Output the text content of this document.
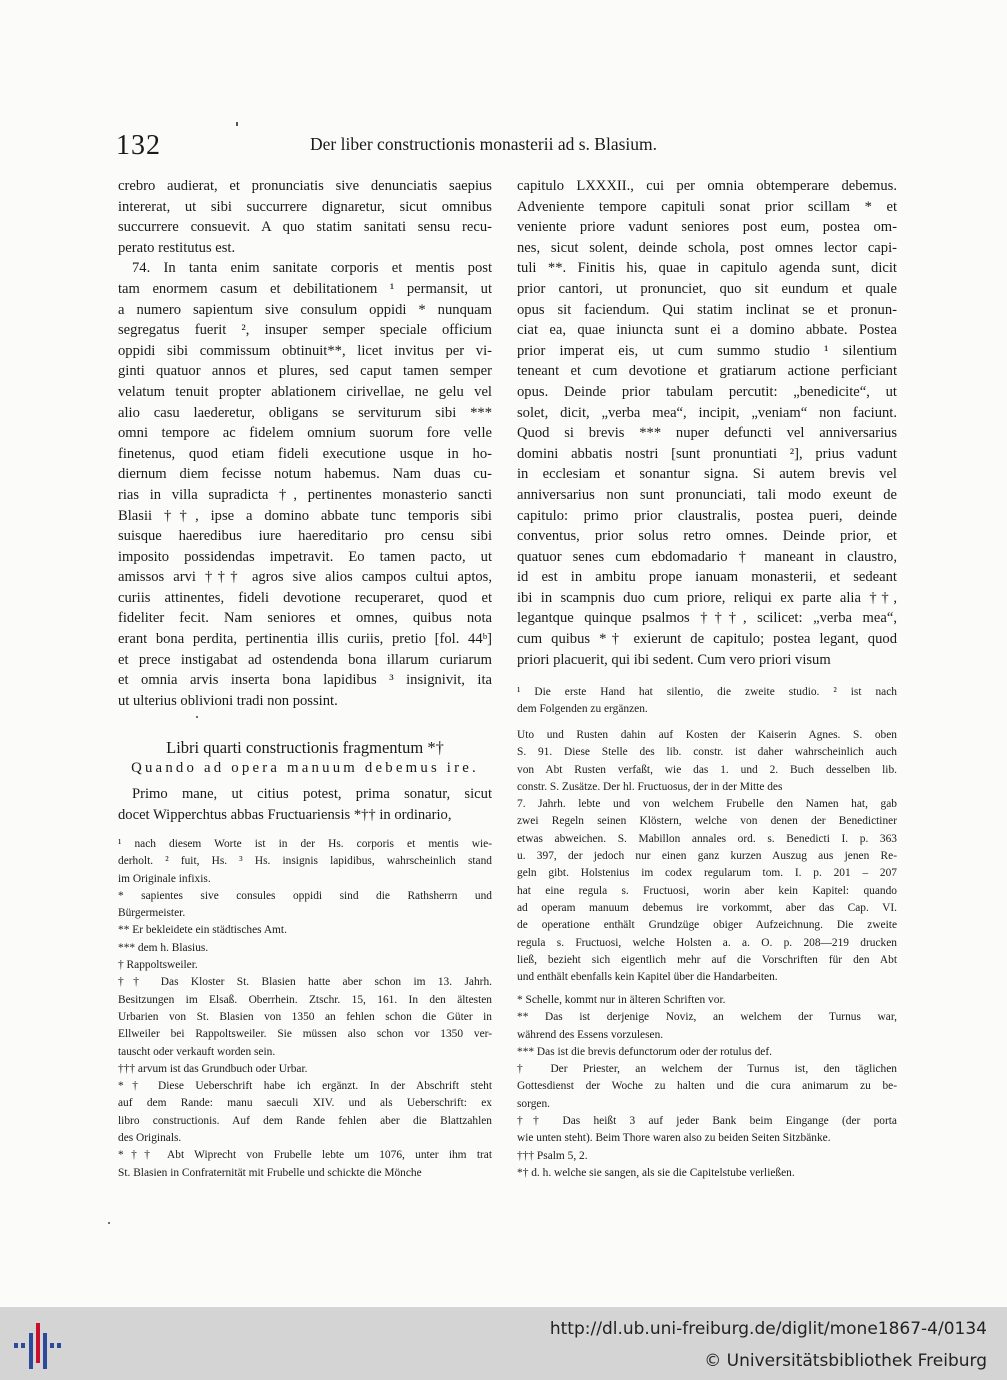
132	Der liber constructionis monasterii ad s. Blasium.
crebro audierat, et pronunciatis sive denunciatis saepius
intererat, ut sibi succurrere dignaretur, sicut omnibus
succurrere consuevit. A quo statim sanitati sensu recu-
perato restitutus est.
74. In tanta enim sanitate corporis et mentis post
tam enormem casum et debilitationem ¹ permansit, ut
a numero sapientum sive consulum oppidi * nunquam
segregatus fuerit ², insuper semper speciale officium
oppidi sibi commissum obtinuit**, licet invitus per vi-
ginti quatuor annos et plures, sed caput tamen semper
velatum tenuit propter ablationem cirivellae, ne gelu vel
alio casu laederetur, obligans se serviturum sibi ***
omni tempore ac fidelem omnium suorum fore velle
finetenus, quod etiam fideli executione usque in ho-
diernum diem fecisse notum habemus. Nam duas cu-
rias in villa supradicta †, pertinentes monasterio sancti
Blasii ††, ipse a domino abbate tunc temporis sibi
suisque haeredibus iure haereditario pro censu sibi
imposito possidendas impetravit. Eo tamen pacto, ut
amissos arvi ††† agros sive alios campos cultui aptos,
curiis attinentes, fideli devotione recuperaret, quod et
fideliter fecit. Nam seniores et omnes, quibus nota
erant bona perdita, pertinentia illis curiis, pretio [fol. 44ᵇ]
et prece instigabat ad ostendenda bona illarum curiarum
et omnia arvis inserta bona lapidibus ³ insignivit, ita
ut ulterius oblivioni tradi non possint.
Libri quarti constructionis fragmentum *†
Quando ad opera manuum debemus ire.
Primo mane, ut citius potest, prima sonatur, sicut
docet Wipperchtus abbas Fructuariensis *†† in ordinario,
¹ nach diesem Worte ist in der Hs. corporis et mentis wie-
derholt. ² fuit, Hs. ³ Hs. insignis lapidibus, wahrscheinlich stand
im Originale infixis.
* sapientes sive consules oppidi sind die Rathsherrn und
Bürgermeister.
** Er bekleidete ein städtisches Amt.
*** dem h. Blasius.
† Rappoltsweiler.
†† Das Kloster St. Blasien hatte aber schon im 13. Jahrh.
Besitzungen im Elsaß. Oberrhein. Ztschr. 15, 161. In den ältesten
Urbarien von St. Blasien von 1350 an fehlen schon die Güter in
Ellweiler bei Rappoltsweiler. Sie müssen also schon vor 1350 ver-
tauscht oder verkauft worden sein.
††† arvum ist das Grundbuch oder Urbar.
*† Diese Ueberschrift habe ich ergänzt. In der Abschrift steht
auf dem Rande: manu saeculi XIV. und als Ueberschrift: ex
libro constructionis. Auf dem Rande fehlen aber die Blattzahlen
des Originals.
*†† Abt Wiprecht von Frubelle lebte um 1076, unter ihm trat
St. Blasien in Confraternität mit Frubelle und schickte die Mönche
capitulo LXXXII., cui per omnia obtemperare debemus.
Adveniente tempore capituli sonat prior scillam * et
veniente priore vadunt seniores post eum, postea om-
nes, sicut solent, deinde schola, post omnes lector capi-
tuli **. Finitis his, quae in capitulo agenda sunt, dicit
prior cantori, ut pronunciet, quo sit eundum et quale
opus sit faciendum. Qui statim inclinat se et pronun-
ciat ea, quae iniuncta sunt ei a domino abbate. Postea
prior imperat eis, ut cum summo studio ¹ silentium
teneant et cum devotione et gratiarum actione perficiant
opus. Deinde prior tabulam percutit: „benedicite“, ut
solet, dicit, „verba mea“, incipit, „veniam“ non faciunt.
Quod si brevis *** nuper defuncti vel anniversarius
domini abbatis nostri [sunt pronuntiati ²], prius vadunt
in ecclesiam et sonantur signa. Si autem brevis vel
anniversarius non sunt pronunciati, tali modo exeunt de
capitulo: primo prior claustralis, postea pueri, deinde
conventus, prior solus retro omnes. Deinde prior, et
quatuor senes cum ebdomadario † maneant in claustro,
id est in ambitu prope ianuam monasterii, et sedeant
ibi in scampnis duo cum priore, reliqui ex parte alia ††,
legantque quinque psalmos †††, scilicet: „verba mea“,
cum quibus *† exierunt de capitulo; postea legant, quod
priori placuerit, qui ibi sedent. Cum vero priori visum
¹ Die erste Hand hat silentio, die zweite studio. ² ist nach
dem Folgenden zu ergänzen.
Uto und Rusten dahin auf Kosten der Kaiserin Agnes. S. oben
S. 91. Diese Stelle des lib. constr. ist daher wahrscheinlich auch
von Abt Rusten verfaßt, wie das 1. und 2. Buch desselben lib.
constr. S. Zusätze. Der hl. Fructuosus, der in der Mitte des
7. Jahrh. lebte und von welchem Frubelle den Namen hat, gab
zwei Regeln seinen Klöstern, welche von denen der Benedictiner
etwas abweichen. S. Mabillon annales ord. s. Benedicti I. p. 363
u. 397, der jedoch nur einen ganz kurzen Auszug aus jenen Re-
geln gibt. Holstenius im codex regularum tom. I. p. 201 – 207
hat eine regula s. Fructuosi, worin aber kein Kapitel: quando
ad operam manuum debemus ire vorkommt, aber das Cap. VI.
de operatione enthält Grundzüge obiger Aufzeichnung. Die zweite
regula s. Fructuosi, welche Holsten a. a. O. p. 208—219 drucken
ließ, bezieht sich eigentlich mehr auf die Vorschriften für den Abt
und enthält ebenfalls kein Kapitel über die Handarbeiten.
* Schelle, kommt nur in älteren Schriften vor.
** Das ist derjenige Noviz, an welchem der Turnus war,
während des Essens vorzulesen.
*** Das ist die brevis defunctorum oder der rotulus def.
† Der Priester, an welchem der Turnus ist, den täglichen
Gottesdienst der Woche zu halten und die cura animarum zu be-
sorgen.
†† Das heißt 3 auf jeder Bank beim Eingange (der porta
wie unten steht). Beim Thore waren also zu beiden Seiten Sitzbänke.
††† Psalm 5, 2.
*† d. h. welche sie sangen, als sie die Capitelstube verließen.
http://dl.ub.uni-freiburg.de/diglit/mone1867-4/0134
© Universitätsbibliothek Freiburg
